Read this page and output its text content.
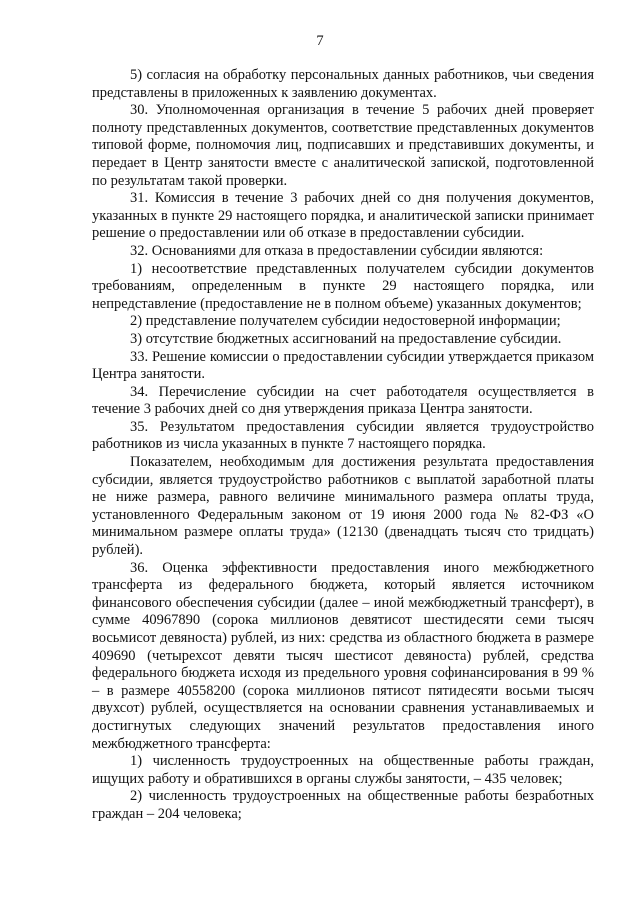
7

5) согласия на обработку персональных данных работников, чьи сведения представлены в приложенных к заявлению документах.

30. Уполномоченная организация в течение 5 рабочих дней проверяет полноту представленных документов, соответствие представленных документов типовой форме, полномочия лиц, подписавших и представивших документы, и передает в Центр занятости вместе с аналитической запиской, подготовленной по результатам такой проверки.

31. Комиссия в течение 3 рабочих дней со дня получения документов, указанных в пункте 29 настоящего порядка, и аналитической записки принимает решение о предоставлении или об отказе в предоставлении субсидии.

32. Основаниями для отказа в предоставлении субсидии являются:

1) несоответствие представленных получателем субсидии документов требованиям, определенным в пункте 29 настоящего порядка, или непредставление (предоставление не в полном объеме) указанных документов;

2) представление получателем субсидии недостоверной информации;

3) отсутствие бюджетных ассигнований на предоставление субсидии.

33. Решение комиссии о предоставлении субсидии утверждается приказом Центра занятости.

34. Перечисление субсидии на счет работодателя осуществляется в течение 3 рабочих дней со дня утверждения приказа Центра занятости.

35. Результатом предоставления субсидии является трудоустройство работников из числа указанных в пункте 7 настоящего порядка.

Показателем, необходимым для достижения результата предоставления субсидии, является трудоустройство работников с выплатой заработной платы не ниже размера, равного величине минимального размера оплаты труда, установленного Федеральным законом от 19 июня 2000 года № 82-ФЗ «О минимальном размере оплаты труда» (12130 (двенадцать тысяч сто тридцать) рублей).

36. Оценка эффективности предоставления иного межбюджетного трансферта из федерального бюджета, который является источником финансового обеспечения субсидии (далее – иной межбюджетный трансферт), в сумме 40967890 (сорока миллионов девятисот шестидесяти семи тысяч восьмисот девяноста) рублей, из них: средства из областного бюджета в размере 409690 (четырехсот девяти тысяч шестисот девяноста) рублей, средства федерального бюджета исходя из предельного уровня софинансирования в 99 % – в размере 40558200 (сорока миллионов пятисот пятидесяти восьми тысяч двухсот) рублей, осуществляется на основании сравнения устанавливаемых и достигнутых следующих значений результатов предоставления иного межбюджетного трансферта:

1) численность трудоустроенных на общественные работы граждан, ищущих работу и обратившихся в органы службы занятости, – 435 человек;

2) численность трудоустроенных на общественные работы безработных граждан – 204 человека;
